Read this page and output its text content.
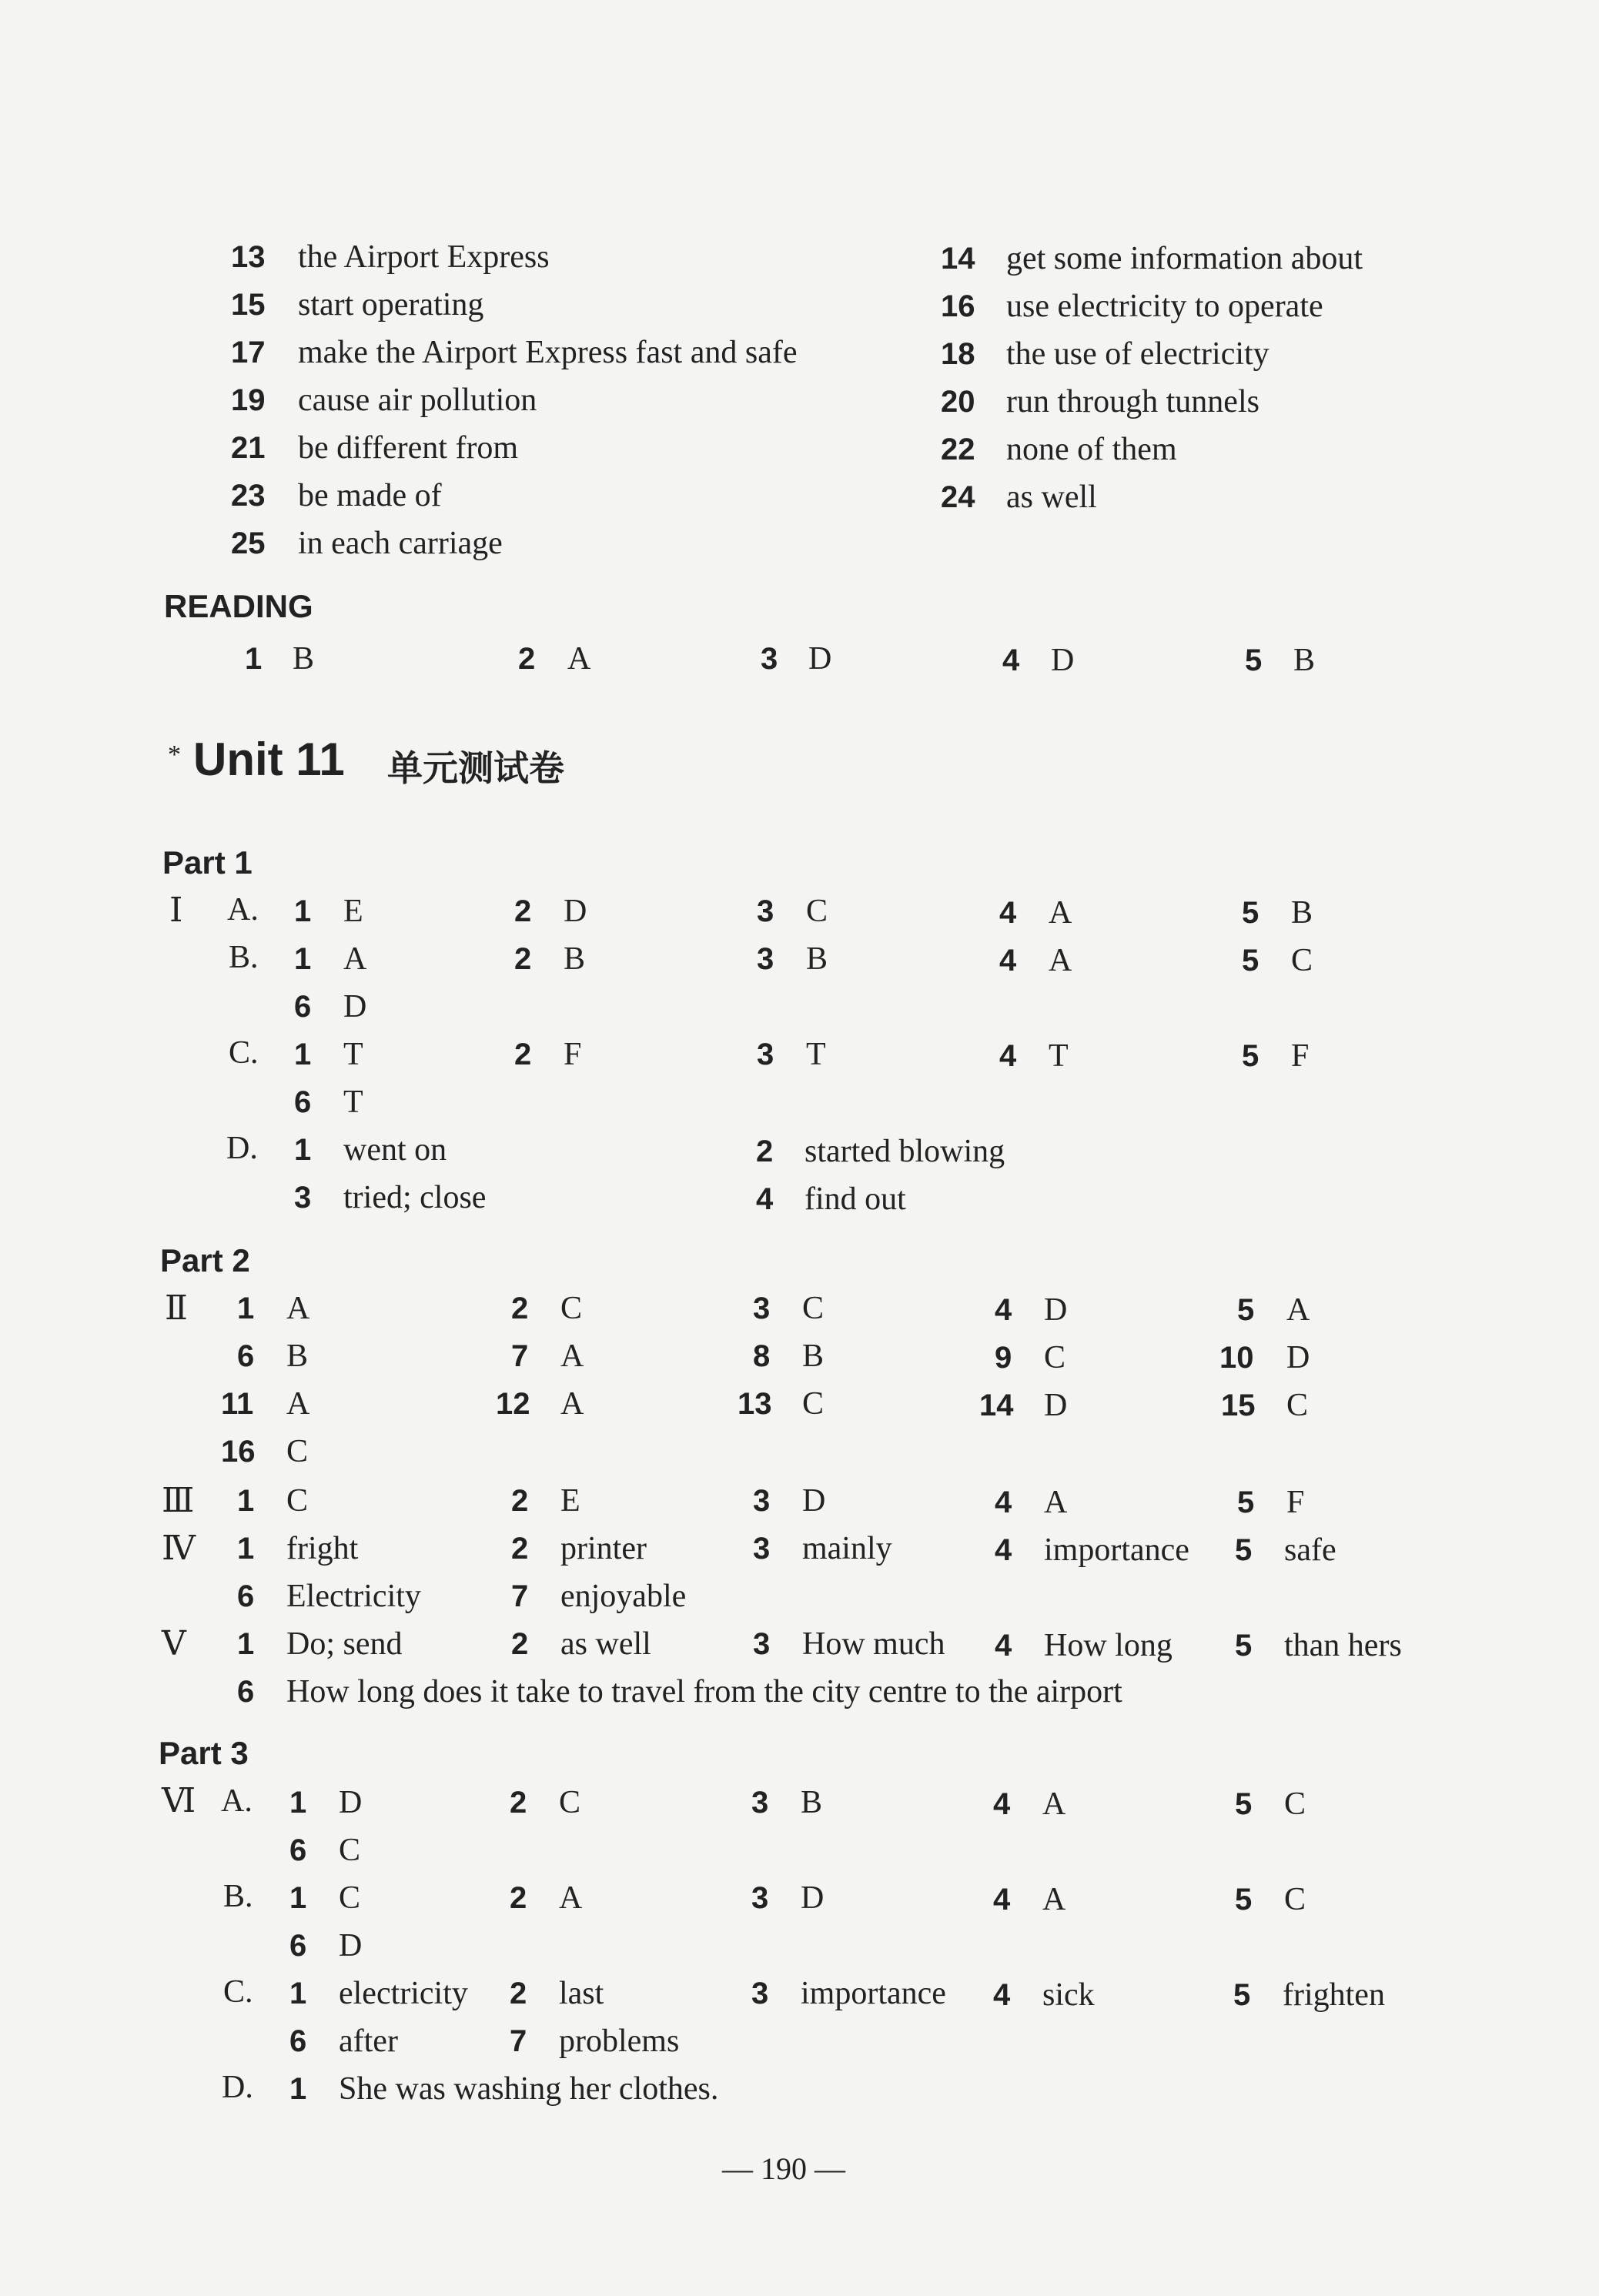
13 the Airport Express	14 get some information about
15 start operating	16 use electricity to operate
17 make the Airport Express fast and safe	18 the use of electricity
19 cause air pollution	20 run through tunnels
21 be different from	22 none of them
23 be made of	24 as well
25 in each carriage
READING
1 B	2 A	3 D	4 D	5 B
* Unit 11 单元测试卷
Part 1
Ⅰ A. 1 E	2 D	3 C	4 A	5 B
B. 1 A	2 B	3 B	4 A	5 C
6 D
C. 1 T	2 F	3 T	4 T	5 F
6 T
D. 1 went on	2 started blowing
3 tried; close	4 find out
Part 2
Ⅱ 1 A	2 C	3 C	4 D	5 A
6 B	7 A	8 B	9 C	10 D
11 A	12 A	13 C	14 D	15 C
16 C
Ⅲ 1 C	2 E	3 D	4 A	5 F
Ⅳ 1 fright	2 printer	3 mainly	4 importance 5 safe
6 Electricity	7 enjoyable
Ⅴ 1 Do; send	2 as well	3 How much 4 How long 5 than hers
6 How long does it take to travel from the city centre to the airport
Part 3
Ⅵ A. 1 D	2 C	3 B	4 A	5 C
6 C
B. 1 C	2 A	3 D	4 A	5 C
6 D
C. 1 electricity 2 last	3 importance 4 sick	5 frighten
6 after	7 problems
D. 1 She was washing her clothes.
— 190 —
